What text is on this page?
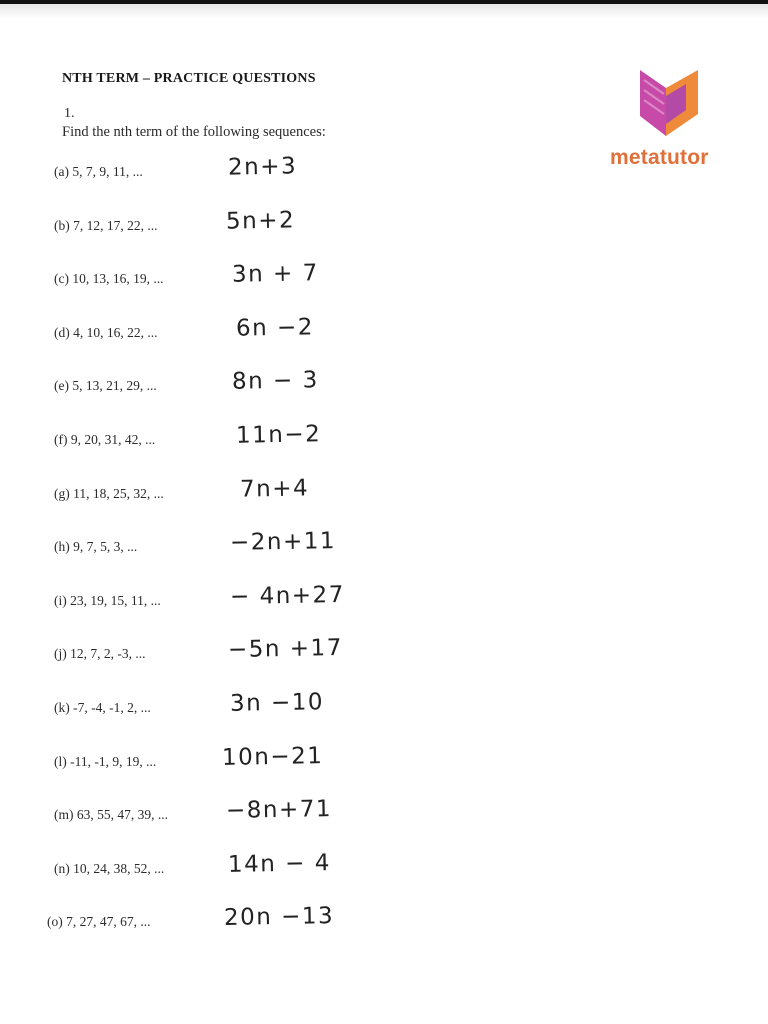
NTH TERM – PRACTICE QUESTIONS
1.
Find the nth term of the following sequences:
metatutor
(a) 5, 7, 9, 11, ...	2n+3
(b) 7, 12, 17, 22, ...	5n+2
(c) 10, 13, 16, 19, ...	3n + 7
(d) 4, 10, 16, 22, ...	6n −2
(e) 5, 13, 21, 29, ...	8n − 3
(f) 9, 20, 31, 42, ...	11n−2
(g) 11, 18, 25, 32, ...	7n+4
(h) 9, 7, 5, 3, ...	−2n+11
(i) 23, 19, 15, 11, ...	− 4n+27
(j) 12, 7, 2, -3, ...	−5n +17
(k) -7, -4, -1, 2, ...	3n −10
(l) -11, -1, 9, 19, ...	10n−21
(m) 63, 55, 47, 39, ...	−8n+71
(n) 10, 24, 38, 52, ...	14n − 4
(o) 7, 27, 47, 67, ...	20n −13
